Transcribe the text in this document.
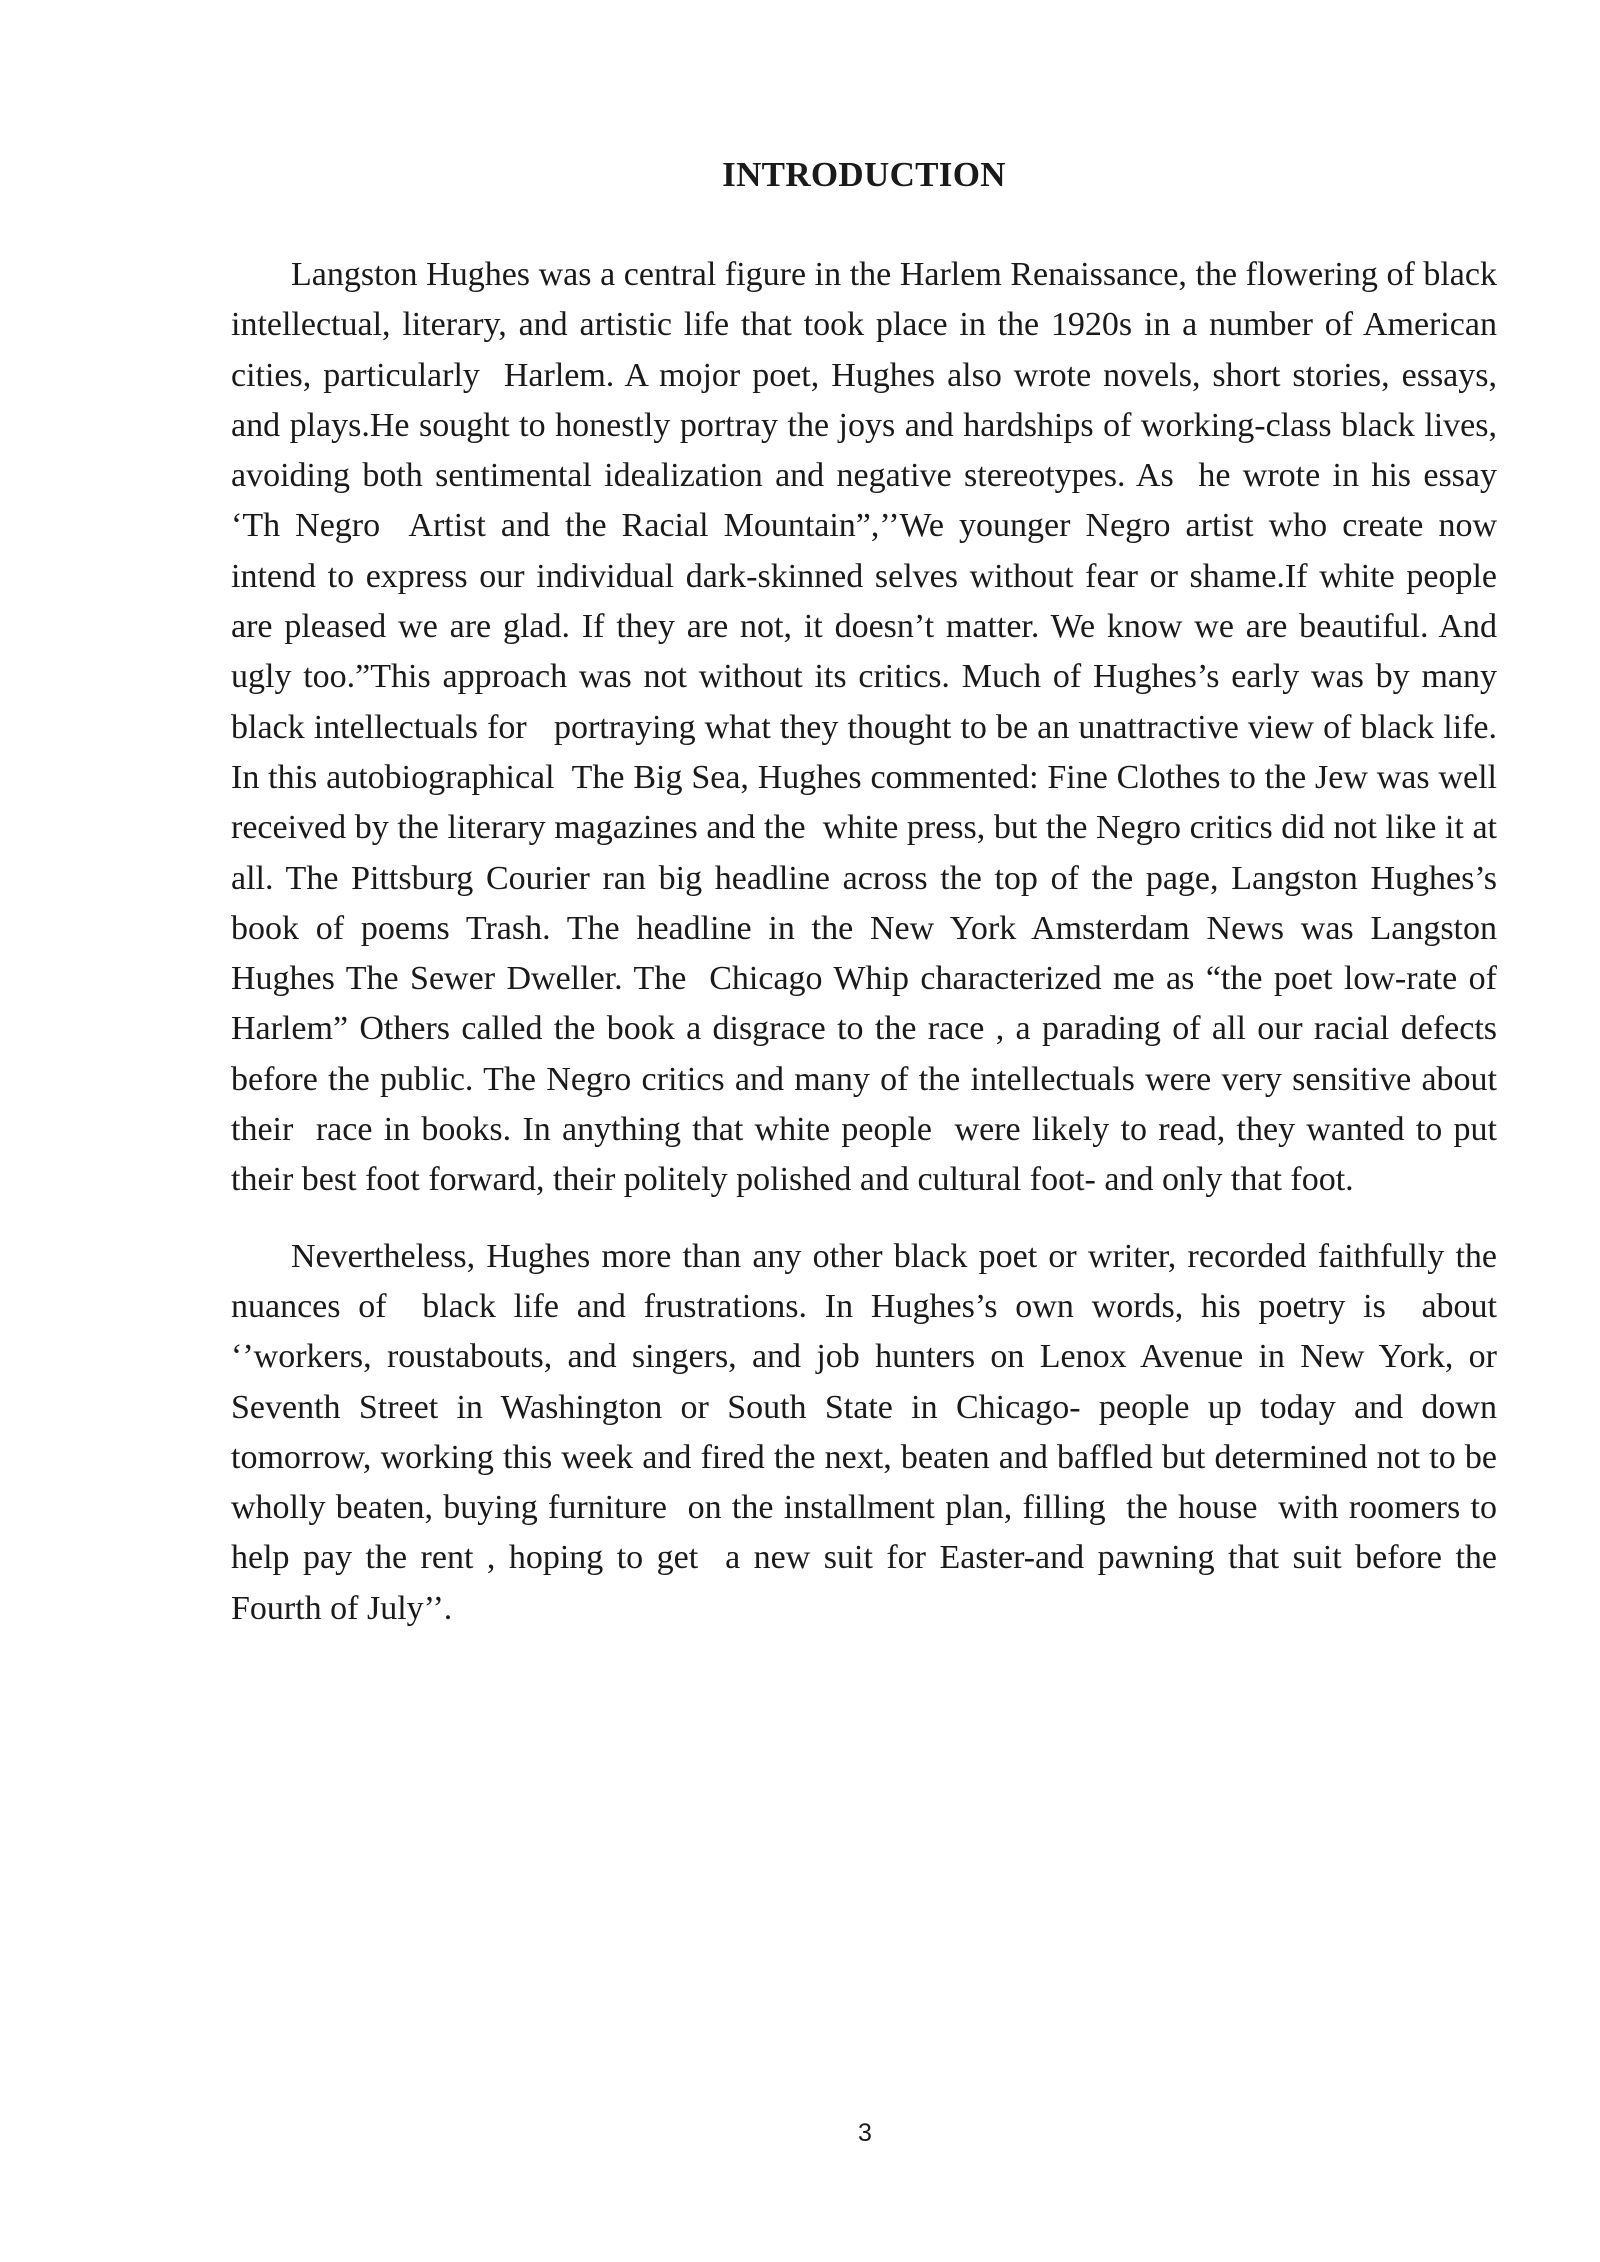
INTRODUCTION

Langston Hughes was a central figure in the Harlem Renaissance, the flowering of black intellectual, literary, and artistic life that took place in the 1920s in a number of American cities, particularly  Harlem. A mojor poet, Hughes also wrote novels, short stories, essays, and plays.He sought to honestly portray the joys and hardships of working-class black lives, avoiding both sentimental idealization and negative stereotypes. As  he wrote in his essay ‘Th Negro  Artist and the Racial Mountain”,’’We younger Negro artist who create now intend to express our individual dark-skinned selves without fear or shame.If white people are pleased we are glad. If they are not, it doesn’t matter. We know we are beautiful. And ugly too.”This approach was not without its critics. Much of Hughes’s early was by many black intellectuals for   portraying what they thought to be an unattractive view of black life. In this autobiographical  The Big Sea, Hughes commented: Fine Clothes to the Jew was well  received by the literary magazines and the  white press, but the Negro critics did not like it at all. The Pittsburg Courier ran big headline across the top of the page, Langston Hughes’s book of poems Trash. The headline in the New York Amsterdam News was Langston Hughes The Sewer Dweller. The  Chicago Whip characterized me as “the poet low-rate of Harlem” Others called the book a disgrace to the race , a parading of all our racial defects before the public. The Negro critics and many of the intellectuals were very sensitive about their  race in books. In anything that white people  were likely to read, they wanted to put their best foot forward, their politely polished and cultural foot- and only that foot.

Nevertheless, Hughes more than any other black poet or writer, recorded faithfully the nuances of  black life and frustrations. In Hughes’s own words, his poetry is  about  ‘’workers, roustabouts, and singers, and job hunters on Lenox Avenue in New York, or Seventh Street in Washington or South State in Chicago- people up today and down tomorrow, working this week and fired the next, beaten and baffled but determined not to be wholly beaten, buying furniture  on the installment plan, filling  the house  with roomers to help pay the rent , hoping to get  a new suit for Easter-and pawning that suit before the  Fourth of July’’.

3
